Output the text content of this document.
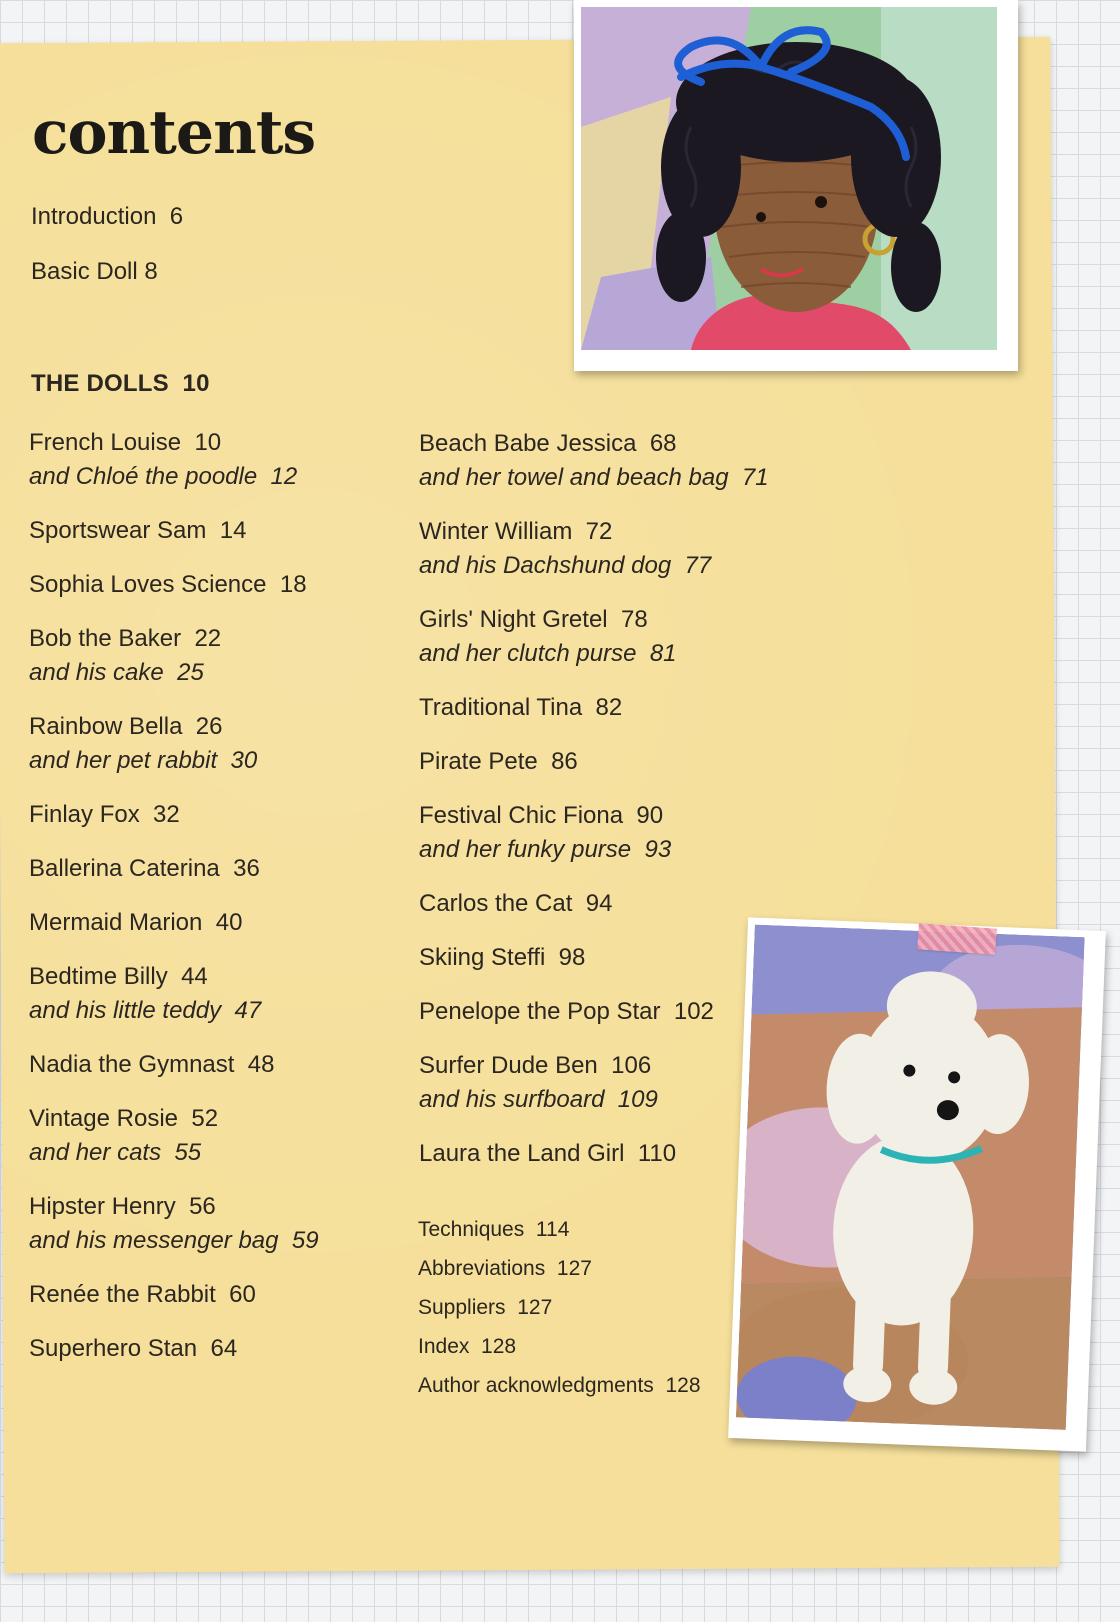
contents
Introduction 6
Basic Doll 8
THE DOLLS 10
French Louise 10
and Chloé the poodle 12
Sportswear Sam 14
Sophia Loves Science 18
Bob the Baker 22
and his cake 25
Rainbow Bella 26
and her pet rabbit 30
Finlay Fox 32
Ballerina Caterina 36
Mermaid Marion 40
Bedtime Billy 44
and his little teddy 47
Nadia the Gymnast 48
Vintage Rosie 52
and her cats 55
Hipster Henry 56
and his messenger bag 59
Renée the Rabbit 60
Superhero Stan 64
Beach Babe Jessica 68
and her towel and beach bag 71
Winter William 72
and his Dachshund dog 77
Girls' Night Gretel 78
and her clutch purse 81
Traditional Tina 82
Pirate Pete 86
Festival Chic Fiona 90
and her funky purse 93
Carlos the Cat 94
Skiing Steffi 98
Penelope the Pop Star 102
Surfer Dude Ben 106
and his surfboard 109
Laura the Land Girl 110
Techniques 114
Abbreviations 127
Suppliers 127
Index 128
Author acknowledgments 128
